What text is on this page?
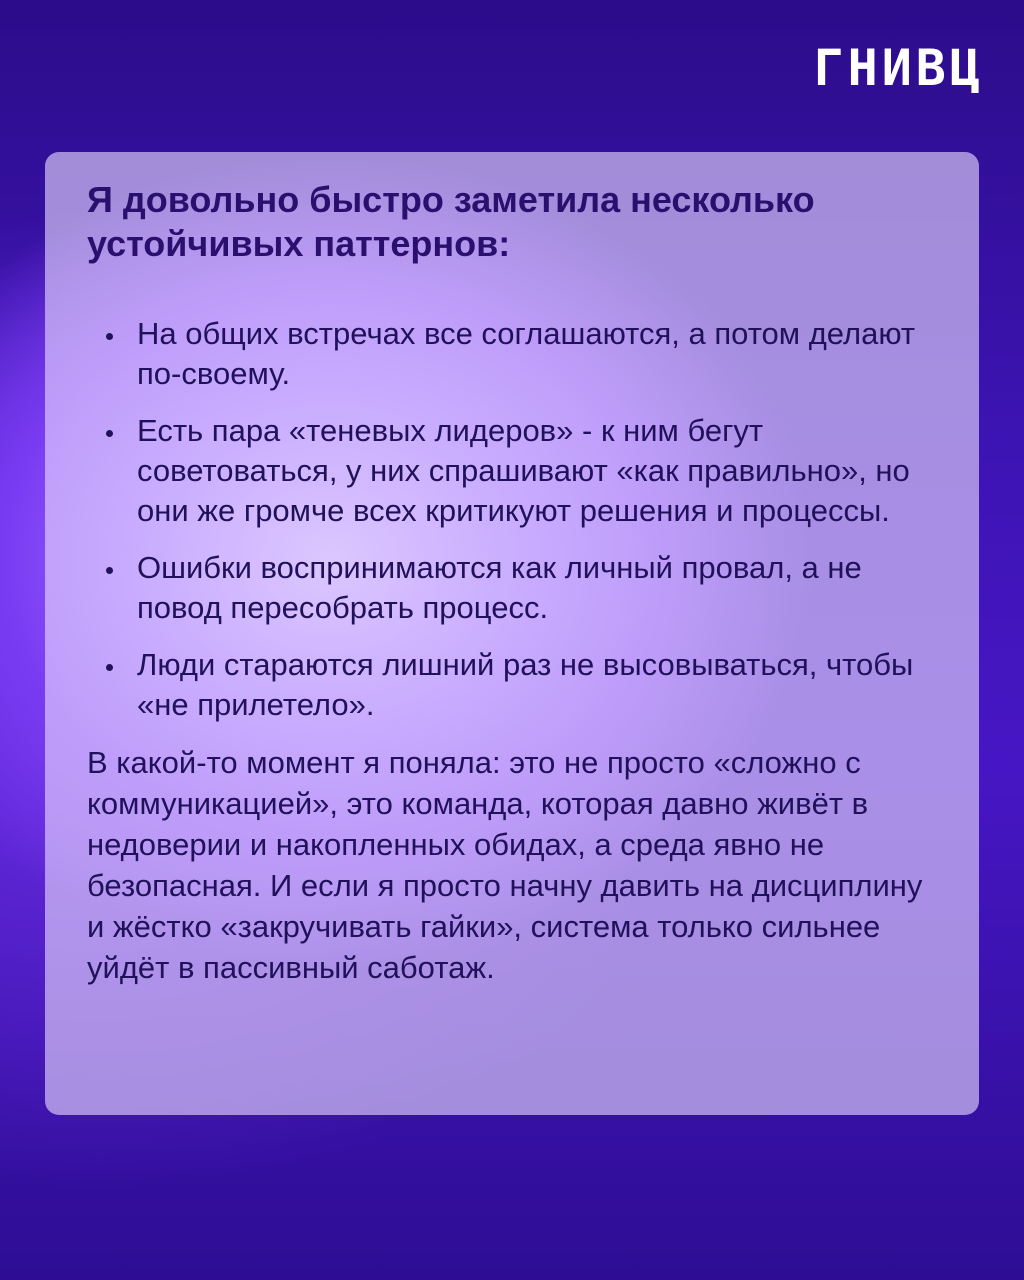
ГНИВЦ
Я довольно быстро заметила несколько устойчивых паттернов:
На общих встречах все соглашаются, а потом делают по-своему.
Есть пара «теневых лидеров» - к ним бегут советоваться, у них спрашивают «как правильно», но они же громче всех критикуют решения и процессы.
Ошибки воспринимаются как личный провал, а не повод пересобрать процесс.
Люди стараются лишний раз не высовываться, чтобы «не прилетело».

В какой-то момент я поняла: это не просто «сложно с коммуникацией», это команда, которая давно живёт в недоверии и накопленных обидах, а среда явно не безопасная. И если я просто начну давить на дисциплину и жёстко «закручивать гайки», система только сильнее уйдёт в пассивный саботаж.
